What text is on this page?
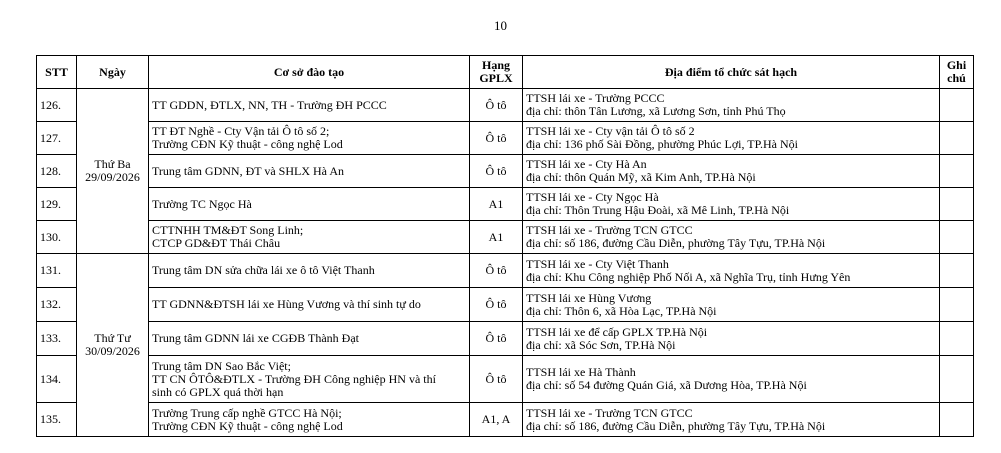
10
STT	Ngày	Cơ sở đào tạo	Hạng
GPLX	Địa điểm tổ chức sát hạch	Ghi
chú

126.	Thứ Ba
29/09/2026	TT GDDN, ĐTLX, NN, TH - Trường ĐH PCCC	Ô tô	TTSH lái xe - Trường PCCC
địa chỉ: thôn Tân Lương, xã Lương Sơn, tỉnh Phú Thọ	

127.		TT ĐT Nghề - Cty Vận tải Ô tô số 2;
Trường CĐN Kỹ thuật - công nghệ Lod	Ô tô	TTSH lái xe - Cty vận tải Ô tô số 2
địa chỉ: 136 phố Sài Đồng, phường Phúc Lợi, TP.Hà Nội	

128.		Trung tâm GDNN, ĐT và SHLX Hà An	Ô tô	TTSH lái xe - Cty Hà An
địa chỉ: thôn Quán Mỹ, xã Kim Anh, TP.Hà Nội	

129.		Trường TC Ngọc Hà	A1	TTSH lái xe - Cty Ngọc Hà
địa chỉ: Thôn Trung Hậu Đoài, xã Mê Linh, TP.Hà Nội	

130.		CTTNHH TM&ĐT Song Linh;
CTCP GD&ĐT Thái Châu	A1	TTSH lái xe - Trường TCN GTCC
địa chỉ: số 186, đường Cầu Diễn, phường Tây Tựu, TP.Hà Nội	

131.	Thứ Tư
30/09/2026	Trung tâm DN sửa chữa lái xe ô tô Việt Thanh	Ô tô	TTSH lái xe - Cty Việt Thanh
địa chỉ: Khu Công nghiệp Phố Nối A, xã Nghĩa Trụ, tỉnh Hưng Yên	

132.		TT GDNN&ĐTSH lái xe Hùng Vương và thí sinh tự do	Ô tô	TTSH lái xe Hùng Vương
địa chỉ: Thôn 6, xã Hòa Lạc, TP.Hà Nội	

133.		Trung tâm GDNN lái xe CGĐB Thành Đạt	Ô tô	TTSH lái xe để cấp GPLX TP.Hà Nội
địa chỉ: xã Sóc Sơn, TP.Hà Nội	

134.		Trung tâm DN Sao Bắc Việt;
TT CN ÔTÔ&ĐTLX - Trường ĐH Công nghiệp HN và thí
sinh có GPLX quá thời hạn	Ô tô	TTSH lái xe Hà Thành
địa chỉ: số 54 đường Quán Giá, xã Dương Hòa, TP.Hà Nội	

135.		Trường Trung cấp nghề GTCC Hà Nội;
Trường CĐN Kỹ thuật - công nghệ Lod	A1, A	TTSH lái xe - Trường TCN GTCC
địa chỉ: số 186, đường Cầu Diễn, phường Tây Tựu, TP.Hà Nội	
